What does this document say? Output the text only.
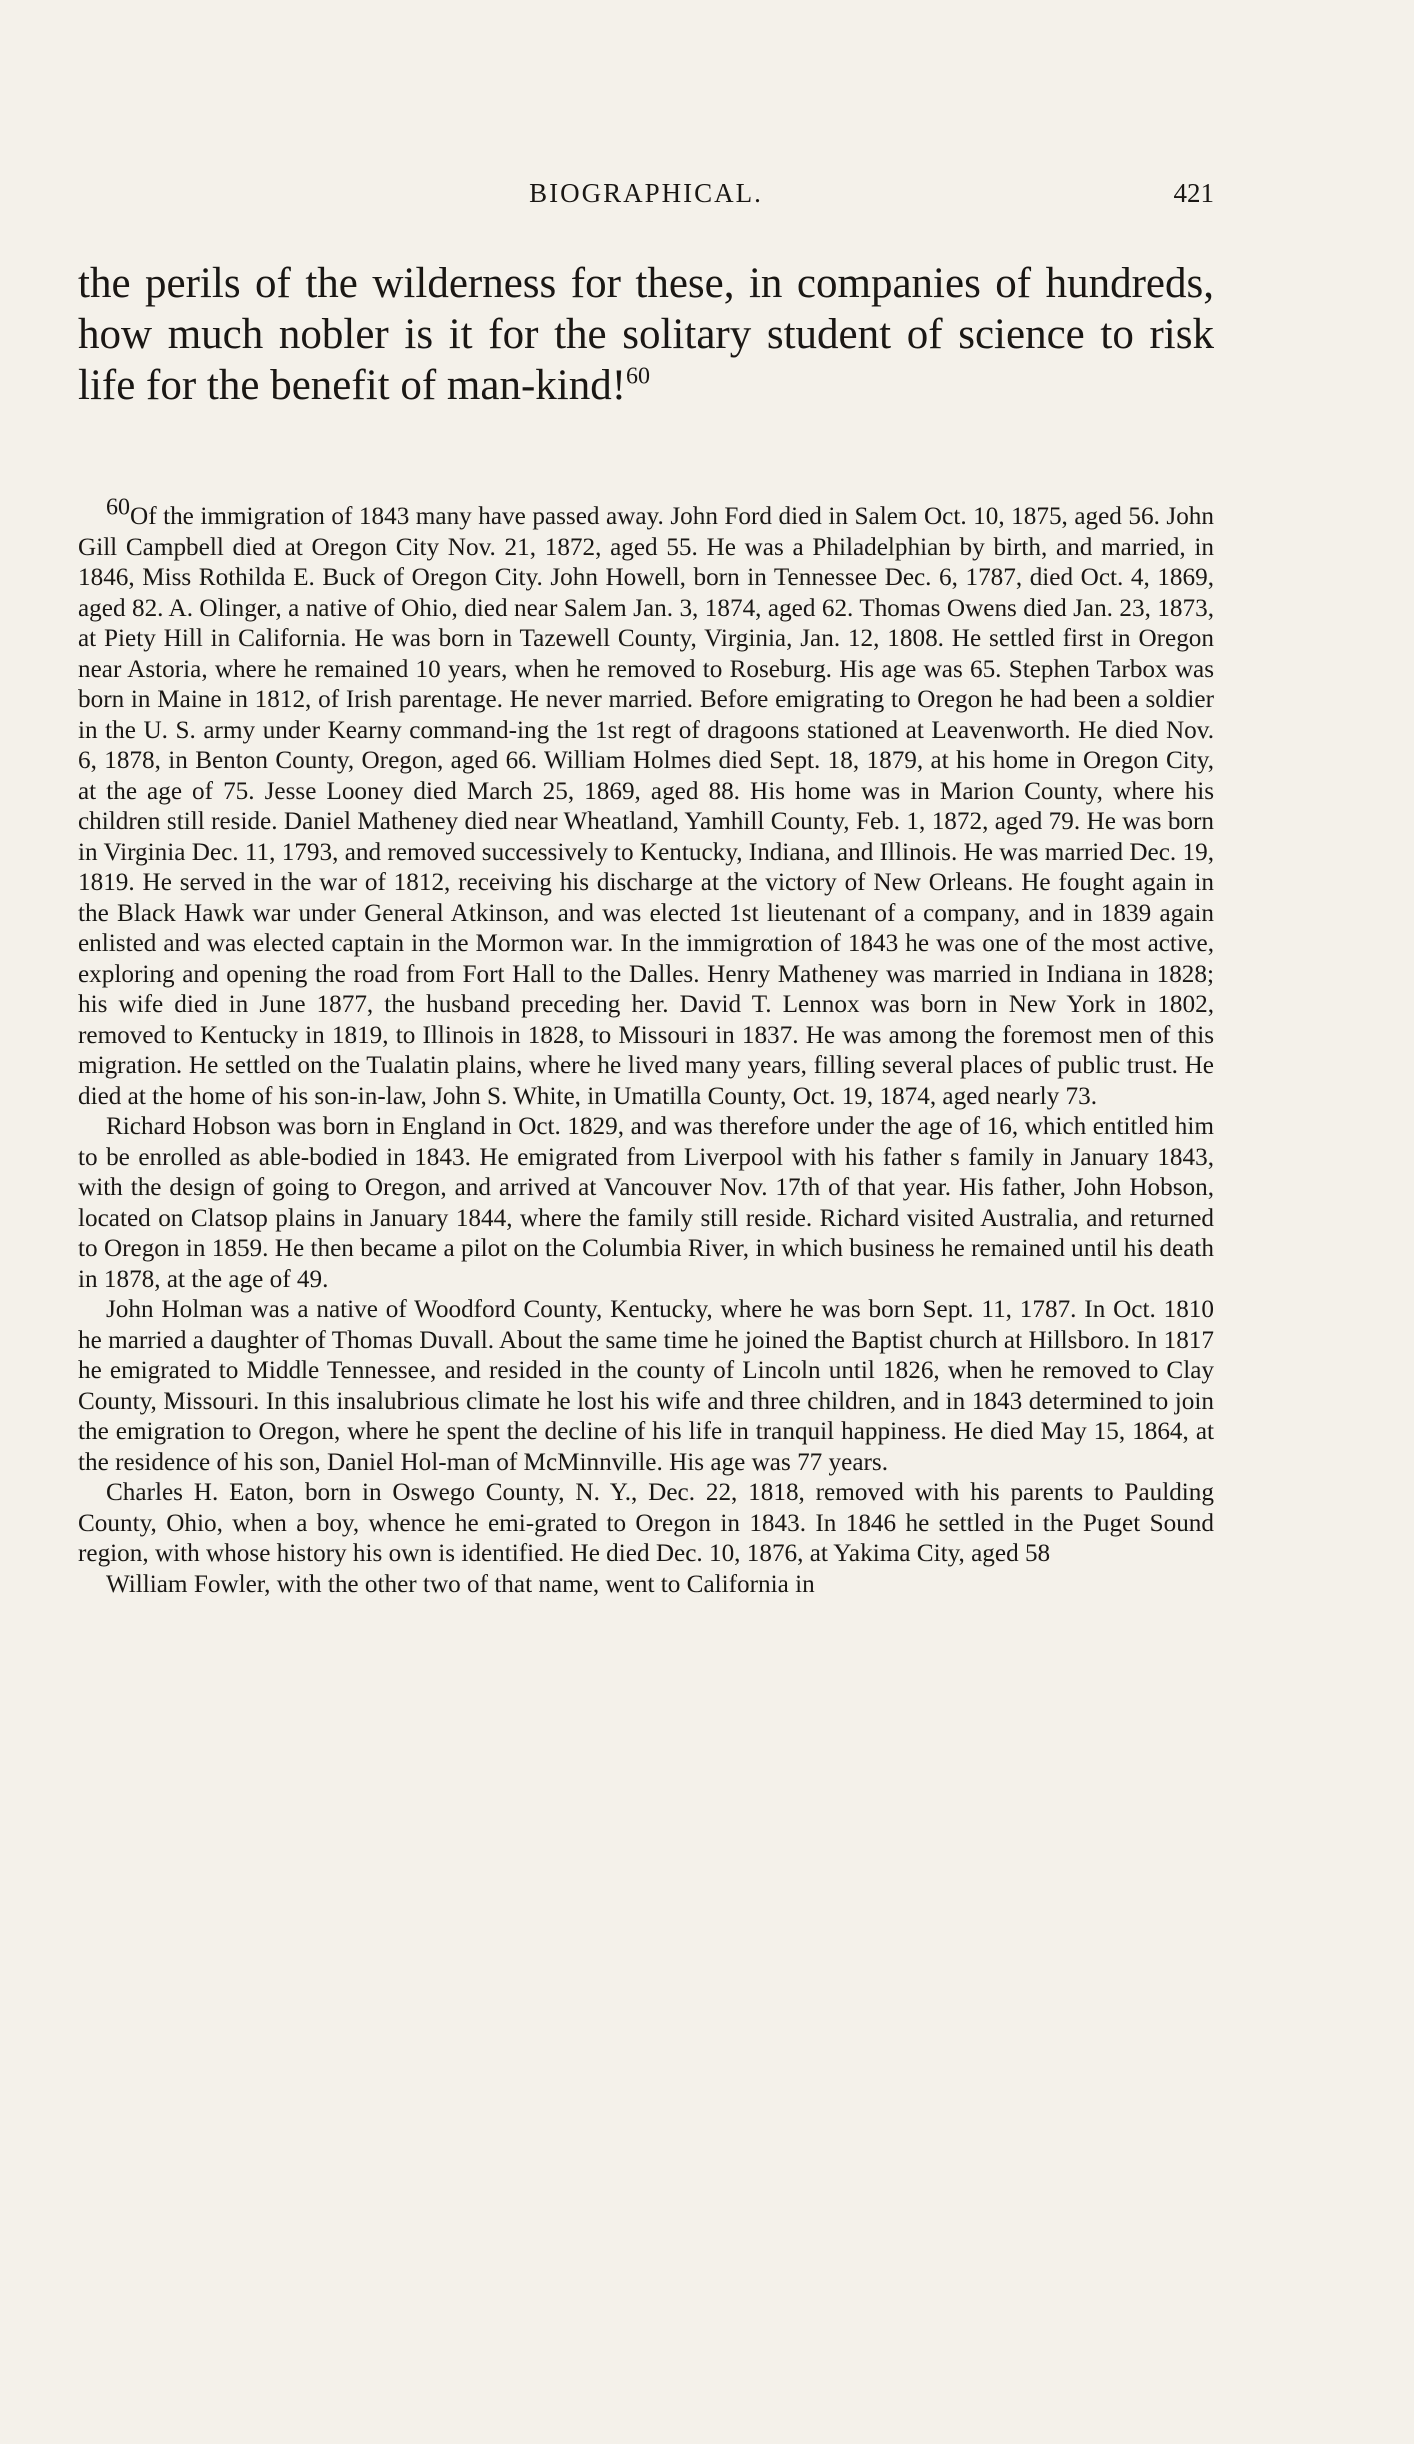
BIOGRAPHICAL.	421

the perils of the wilderness for these, in companies of hundreds, how much nobler is it for the solitary student of science to risk life for the benefit of man-kind!$^{60}$

60Of the immigration of 1843 many have passed away. John Ford died in Salem Oct. 10, 1875, aged 56. John Gill Campbell died at Oregon City Nov. 21, 1872, aged 55. He was a Philadelphian by birth, and married, in 1846, Miss Rothilda E. Buck of Oregon City. John Howell, born in Tennessee Dec. 6, 1787, died Oct. 4, 1869, aged 82. A. Olinger, a native of Ohio, died near Salem Jan. 3, 1874, aged 62. Thomas Owens died Jan. 23, 1873, at Piety Hill in California. He was born in Tazewell County, Virginia, Jan. 12, 1808. He settled first in Oregon near Astoria, where he remained 10 years, when he removed to Roseburg. His age was 65. Stephen Tarbox was born in Maine in 1812, of Irish parentage. He never married. Before emigrating to Oregon he had been a soldier in the U. S. army under Kearny command-ing the 1st regt of dragoons stationed at Leavenworth. He died Nov. 6, 1878, in Benton County, Oregon, aged 66. William Holmes died Sept. 18, 1879, at his home in Oregon City, at the age of 75. Jesse Looney died March 25, 1869, aged 88. His home was in Marion County, where his children still reside. Daniel Matheney died near Wheatland, Yamhill County, Feb. 1, 1872, aged 79. He was born in Virginia Dec. 11, 1793, and removed successively to Kentucky, Indiana, and Illinois. He was married Dec. 19, 1819. He served in the war of 1812, receiving his discharge at the victory of New Orleans. He fought again in the Black Hawk war under General Atkinson, and was elected 1st lieutenant of a company, and in 1839 again enlisted and was elected captain in the Mormon war. In the immigrαtion of 1843 he was one of the most active, exploring and opening the road from Fort Hall to the Dalles. Henry Matheney was married in Indiana in 1828; his wife died in June 1877, the husband preceding her. David T. Lennox was born in New York in 1802, removed to Kentucky in 1819, to Illinois in 1828, to Missouri in 1837. He was among the foremost men of this migration. He settled on the Tualatin plains, where he lived many years, filling several places of public trust. He died at the home of his son-in-law, John S. White, in Umatilla County, Oct. 19, 1874, aged nearly 73.

Richard Hobson was born in England in Oct. 1829, and was therefore under the age of 16, which entitled him to be enrolled as able-bodied in 1843. He emigrated from Liverpool with his father s family in January 1843, with the design of going to Oregon, and arrived at Vancouver Nov. 17th of that year. His father, John Hobson, located on Clatsop plains in January 1844, where the family still reside. Richard visited Australia, and returned to Oregon in 1859. He then became a pilot on the Columbia River, in which business he remained until his death in 1878, at the age of 49.

John Holman was a native of Woodford County, Kentucky, where he was born Sept. 11, 1787. In Oct. 1810 he married a daughter of Thomas Duvall. About the same time he joined the Baptist church at Hillsboro. In 1817 he emigrated to Middle Tennessee, and resided in the county of Lincoln until 1826, when he removed to Clay County, Missouri. In this insalubrious climate he lost his wife and three children, and in 1843 determined to join the emigration to Oregon, where he spent the decline of his life in tranquil happiness. He died May 15, 1864, at the residence of his son, Daniel Hol-man of McMinnville. His age was 77 years.

Charles H. Eaton, born in Oswego County, N. Y., Dec. 22, 1818, removed with his parents to Paulding County, Ohio, when a boy, whence he emi-grated to Oregon in 1843. In 1846 he settled in the Puget Sound region, with whose history his own is identified. He died Dec. 10, 1876, at Yakima City, aged 58

William Fowler, with the other two of that name, went to California in
